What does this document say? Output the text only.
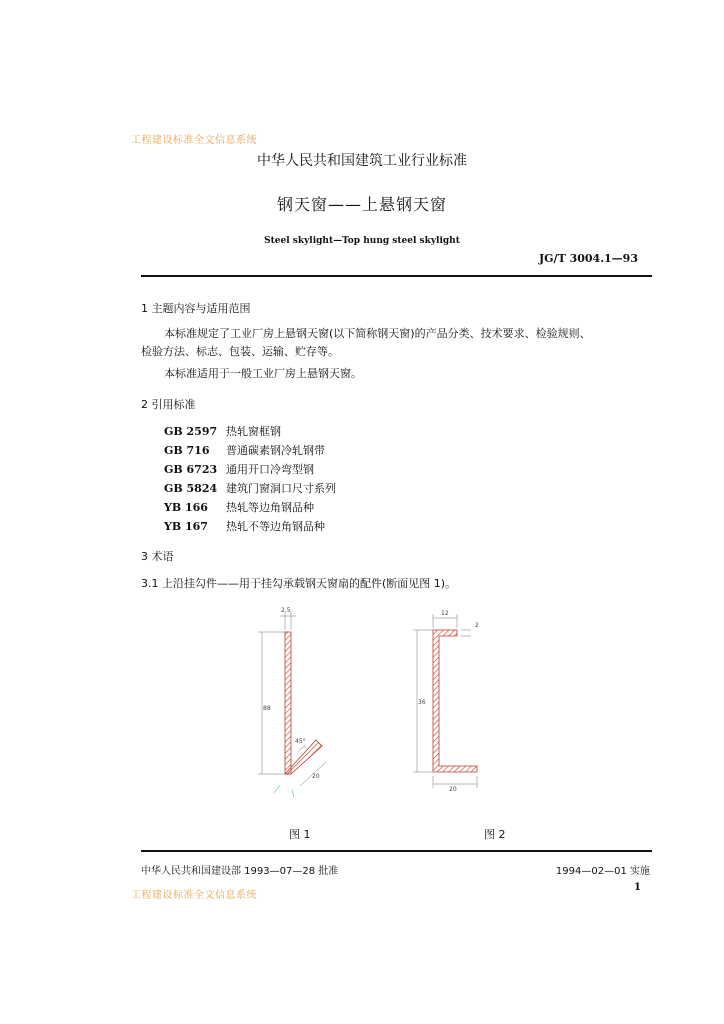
工程建设标准全文信息系统
中华人民共和国建筑工业行业标准
钢天窗——上悬钢天窗
Steel skylight—Top hung steel skylight
JG/T 3004.1—93
1 主题内容与适用范围
本标准规定了工业厂房上悬钢天窗(以下简称钢天窗)的产品分类、技术要求、检验规则、
检验方法、标志、包装、运输、贮存等。
本标准适用于一般工业厂房上悬钢天窗。
2 引用标准
GB 2597 热轧窗框钢
GB 716 普通碳素钢冷轧钢带
GB 6723 通用开口冷弯型钢
GB 5824 建筑门窗洞口尺寸系列
YB 166 热轧等边角钢品种
YB 167 热轧不等边角钢品种
3 术语
3.1 上沿挂勾件——用于挂勾承载钢天窗扇的配件(断面见图 1)。
2.5
88
45°
20
12
2
36
20
图 1	图 2
中华人民共和国建设部 1993—07—28 批准	1994—02—01 实施
1
工程建设标准全文信息系统
